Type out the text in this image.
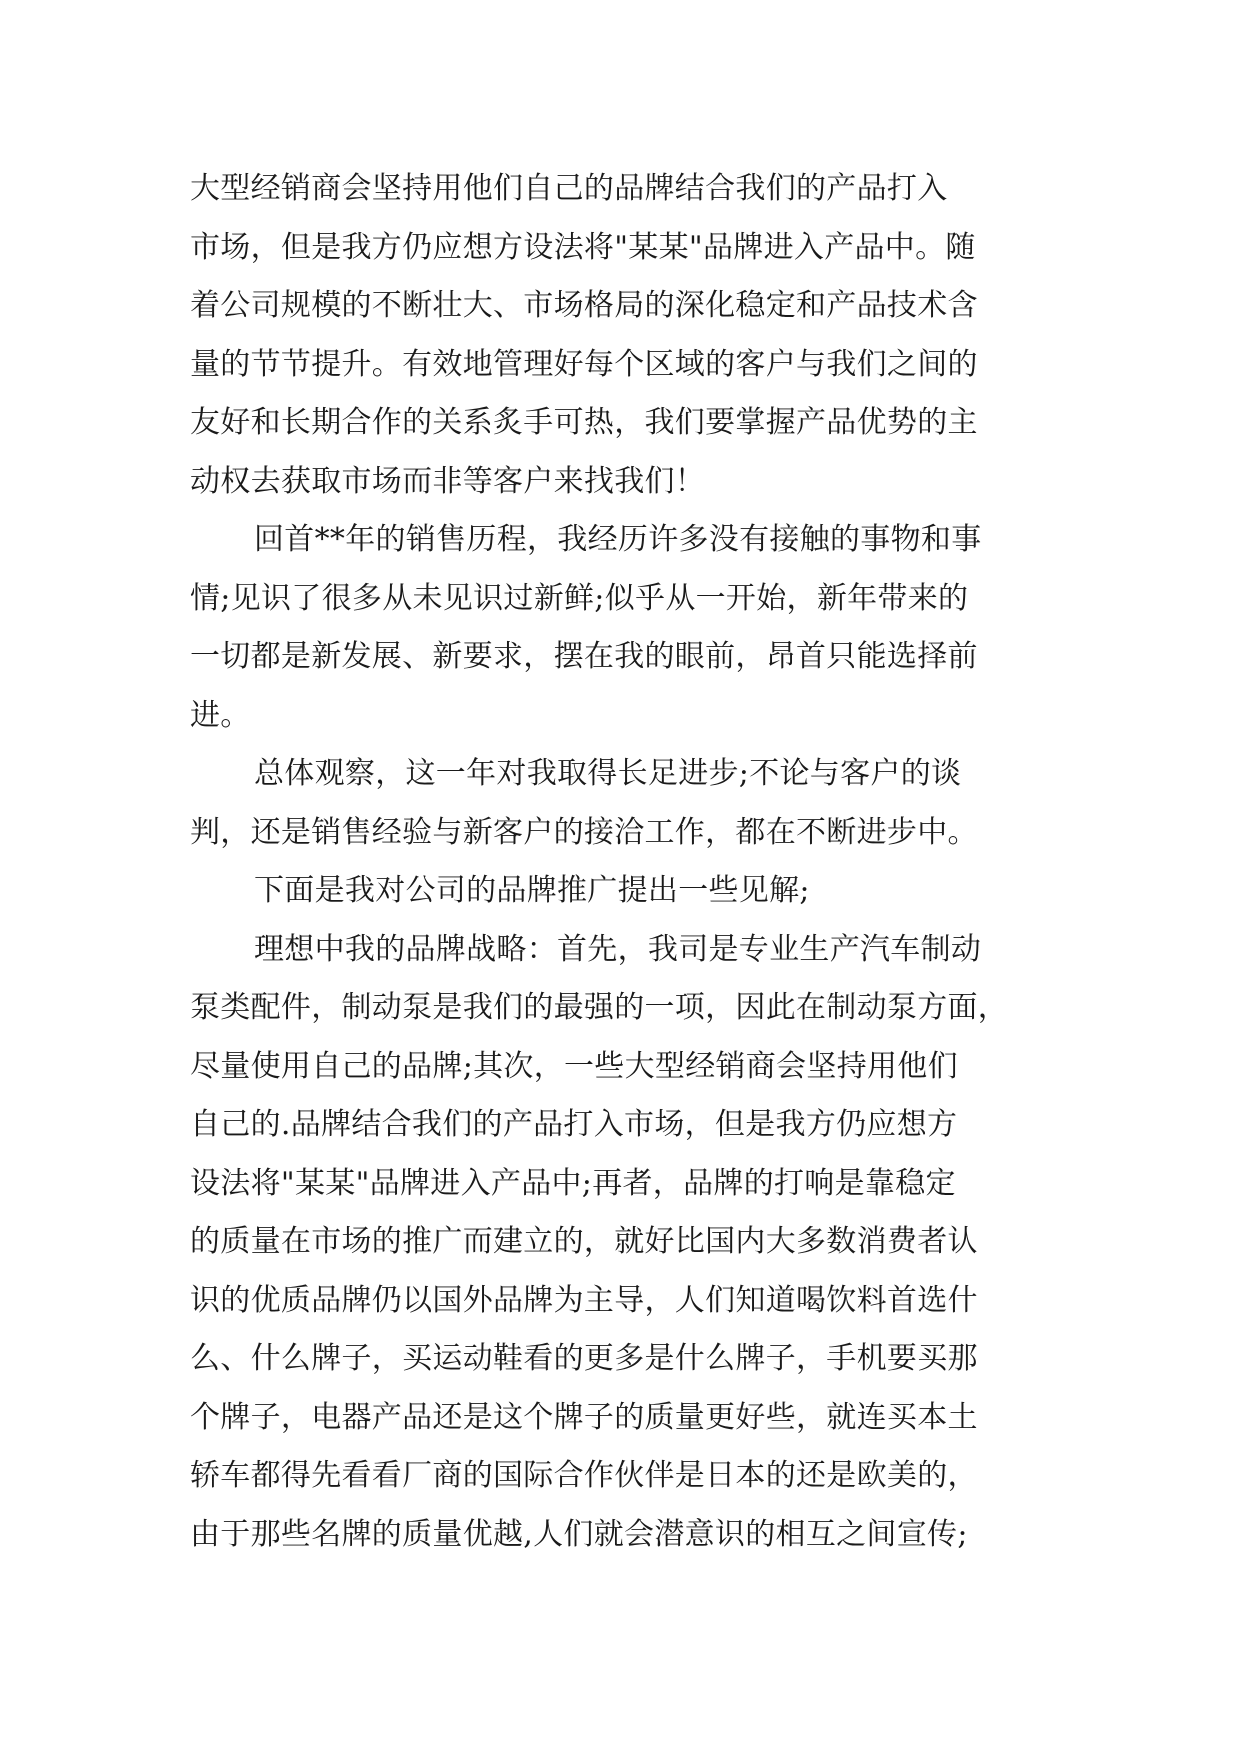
大型经销商会坚持用他们自己的品牌结合我们的产品打入
市场，但是我方仍应想方设法将"某某"品牌进入产品中。随
着公司规模的不断壮大、市场格局的深化稳定和产品技术含
量的节节提升。有效地管理好每个区域的客户与我们之间的
友好和长期合作的关系炙手可热，我们要掌握产品优势的主
动权去获取市场而非等客户来找我们！
回首**年的销售历程，我经历许多没有接触的事物和事
情;见识了很多从未见识过新鲜;似乎从一开始，新年带来的
一切都是新发展、新要求，摆在我的眼前，昂首只能选择前
进。
总体观察，这一年对我取得长足进步;不论与客户的谈
判，还是销售经验与新客户的接洽工作，都在不断进步中。
下面是我对公司的品牌推广提出一些见解;
理想中我的品牌战略：首先，我司是专业生产汽车制动
泵类配件，制动泵是我们的最强的一项，因此在制动泵方面，
尽量使用自己的品牌;其次，一些大型经销商会坚持用他们
自己的.品牌结合我们的产品打入市场，但是我方仍应想方
设法将"某某"品牌进入产品中;再者，品牌的打响是靠稳定
的质量在市场的推广而建立的，就好比国内大多数消费者认
识的优质品牌仍以国外品牌为主导，人们知道喝饮料首选什
么、什么牌子，买运动鞋看的更多是什么牌子，手机要买那
个牌子，电器产品还是这个牌子的质量更好些，就连买本土
轿车都得先看看厂商的国际合作伙伴是日本的还是欧美的，
由于那些名牌的质量优越,人们就会潜意识的相互之间宣传;
